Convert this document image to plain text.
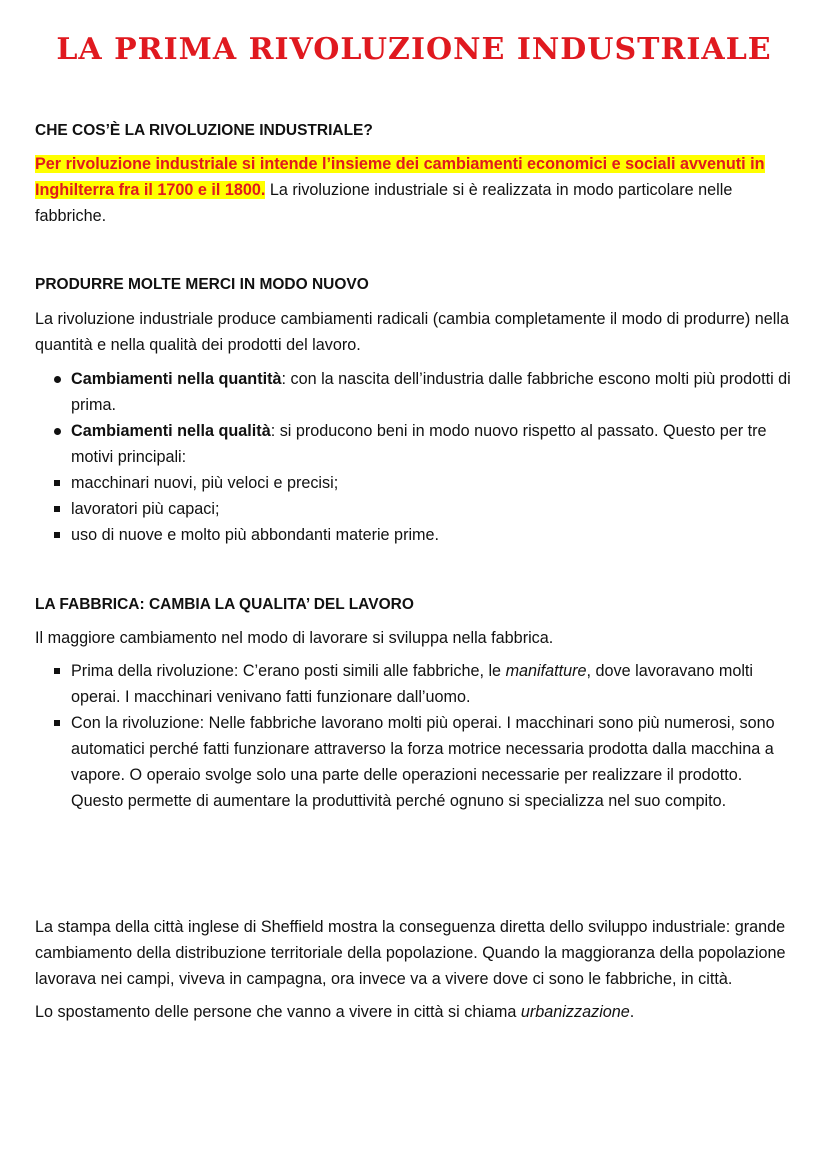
LA PRIMA RIVOLUZIONE INDUSTRIALE
CHE COS’È LA RIVOLUZIONE INDUSTRIALE?

Per rivoluzione industriale si intende l’insieme dei cambiamenti economici e sociali avvenuti in Inghilterra fra il 1700 e il 1800. La rivoluzione industriale si è realizzata in modo particolare nelle fabbriche.

PRODURRE MOLTE MERCI IN MODO NUOVO

La rivoluzione industriale produce cambiamenti radicali (cambia completamente il modo di produrre) nella quantità e nella qualità dei prodotti del lavoro.

Cambiamenti nella quantità: con la nascita dell’industria dalle fabbriche escono molti più prodotti di prima.
Cambiamenti nella qualità: si producono beni in modo nuovo rispetto al passato. Questo per tre motivi principali:
macchinari nuovi, più veloci e precisi;
lavoratori più capaci;
uso di nuove e molto più abbondanti materie prime.
LA FABBRICA: CAMBIA LA QUALITA’ DEL LAVORO

Il maggiore cambiamento nel modo di lavorare si sviluppa nella fabbrica.

Prima della rivoluzione: C’erano posti simili alle fabbriche, le manifatture, dove lavoravano molti operai. I macchinari venivano fatti funzionare dall’uomo.
Con la rivoluzione: Nelle fabbriche lavorano molti più operai. I macchinari sono più numerosi, sono automatici perché fatti funzionare attraverso la forza motrice necessaria prodotta dalla macchina a vapore. O operaio svolge solo una parte delle operazioni necessarie per realizzare il prodotto. Questo permette di aumentare la produttività perché ognuno si specializza nel suo compito.

La stampa della città inglese di Sheffield mostra la conseguenza diretta dello sviluppo industriale: grande cambiamento della distribuzione territoriale della popolazione. Quando la maggioranza della popolazione lavorava nei campi, viveva in campagna, ora invece va a vivere dove ci sono le fabbriche, in città.

Lo spostamento delle persone che vanno a vivere in città si chiama urbanizzazione.
